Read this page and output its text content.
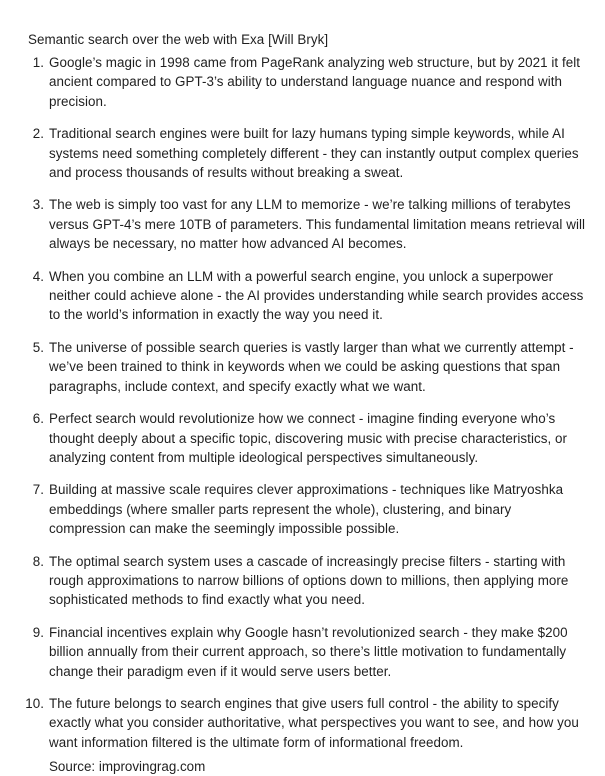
Semantic search over the web with Exa [Will Bryk]
1. Google’s magic in 1998 came from PageRank analyzing web structure, but by 2021 it felt ancient compared to GPT-3’s ability to understand language nuance and respond with precision.
2. Traditional search engines were built for lazy humans typing simple keywords, while AI systems need something completely different - they can instantly output complex queries and process thousands of results without breaking a sweat.
3. The web is simply too vast for any LLM to memorize - we’re talking millions of terabytes versus GPT-4’s mere 10TB of parameters. This fundamental limitation means retrieval will always be necessary, no matter how advanced AI becomes.
4. When you combine an LLM with a powerful search engine, you unlock a superpower neither could achieve alone - the AI provides understanding while search provides access to the world’s information in exactly the way you need it.
5. The universe of possible search queries is vastly larger than what we currently attempt - we’ve been trained to think in keywords when we could be asking questions that span paragraphs, include context, and specify exactly what we want.
6. Perfect search would revolutionize how we connect - imagine finding everyone who’s thought deeply about a specific topic, discovering music with precise characteristics, or analyzing content from multiple ideological perspectives simultaneously.
7. Building at massive scale requires clever approximations - techniques like Matryoshka embeddings (where smaller parts represent the whole), clustering, and binary compression can make the seemingly impossible possible.
8. The optimal search system uses a cascade of increasingly precise filters - starting with rough approximations to narrow billions of options down to millions, then applying more sophisticated methods to find exactly what you need.
9. Financial incentives explain why Google hasn’t revolutionized search - they make $200 billion annually from their current approach, so there’s little motivation to fundamentally change their paradigm even if it would serve users better.
10. The future belongs to search engines that give users full control - the ability to specify exactly what you consider authoritative, what perspectives you want to see, and how you want information filtered is the ultimate form of informational freedom.
Source: improvingrag.com
